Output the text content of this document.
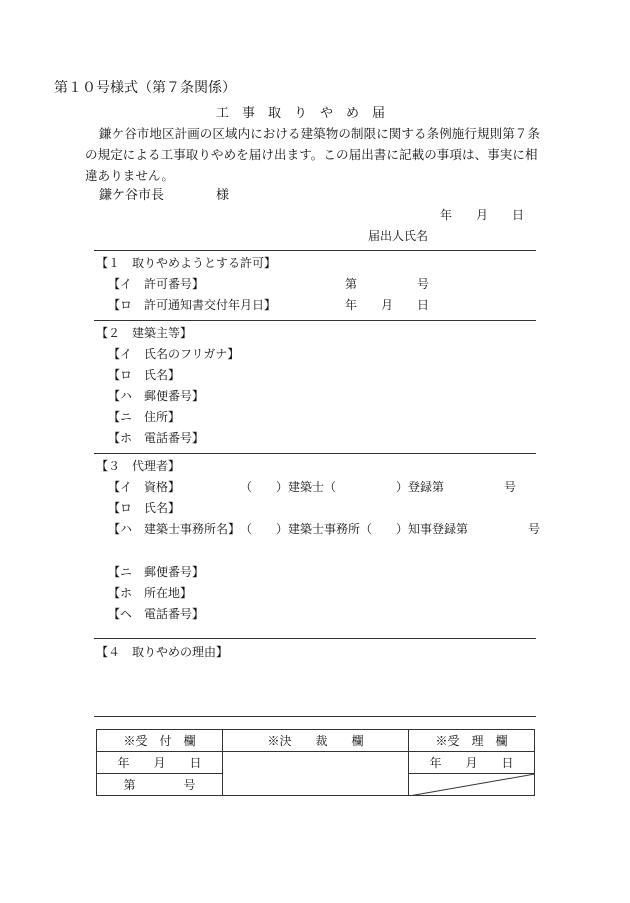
第１０号様式（第７条関係）
工　事　取　り　や　め　届
鎌ケ谷市地区計画の区域内における建築物の制限に関する条例施行規則第７条の規定による工事取りやめを届け出ます。この届出書に記載の事項は、事実に相違ありません。
鎌ケ谷市長　　　　様
年　　月　　日
届出人氏名
【１　取りやめようとする許可】
【イ　許可番号】	第　　　　　号
【ロ　許可通知書交付年月日】	年　　月　　日
【２　建築主等】
【イ　氏名のフリガナ】
【ロ　氏名】
【ハ　郵便番号】
【ニ　住所】
【ホ　電話番号】
【３　代理者】
【イ　資格】	（　　）建築士（　　　　　）登録第　　　　　号
【ロ　氏名】
【ハ　建築士事務所名】 （　　）建築士事務所（　　）知事登録第　　　　　号
【ニ　郵便番号】
【ホ　所在地】
【ヘ　電話番号】
【４　取りやめの理由】
※受　付　欄	※決　　裁　　欄	※受　理　欄
年　　月　　日		年　　月　　日
第　　　　号	
